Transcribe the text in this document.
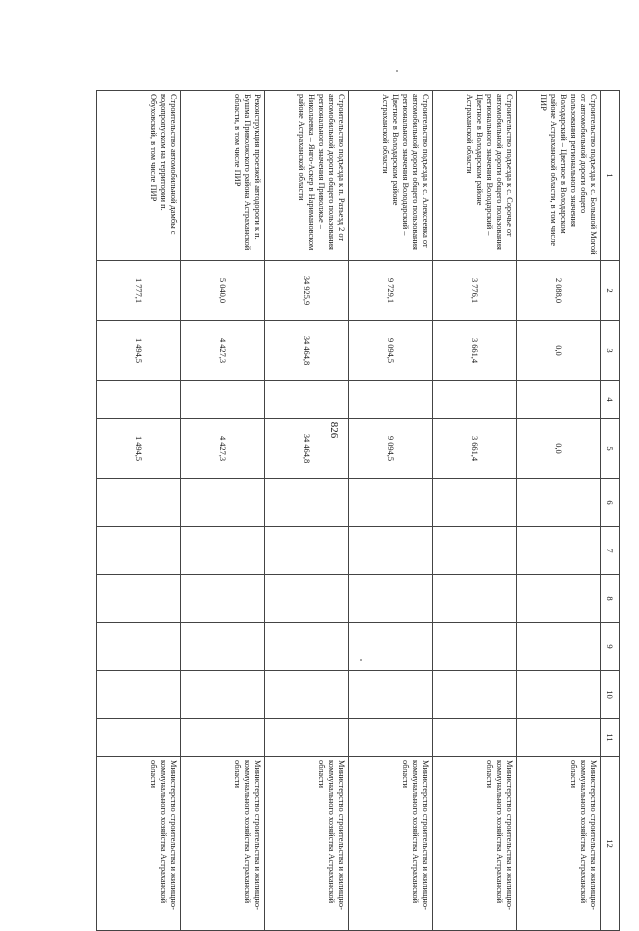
826
1	2	3	4	5	6	7	8	9	10	11	12
Строительство подъезда к с. Большой Могой от автомобильной дороги общего пользования регионального значения Володарский – Цветное в Володарском районе Астраханской области, в том числе ПИР	2 088,0	0,0		0,0							Министерство строительства и жилищно-коммунального хозяйства Астраханской области
Строительство подъезда к с. Сорочье от автомобильной дороги общего пользования регионального значения Володарский – Цветное в Володарском районе Астраханской области	3 776,1	3 661,4		3 661,4							Министерство строительства и жилищно-коммунального хозяйства Астраханской области
Строительство подъезда к с. Алексеевка от автомобильной дороги общего пользования регионального значения Володарский – Цветное в Володарском районе Астраханской области	9 729,1	9 094,5		9 094,5							Министерство строительства и жилищно-коммунального хозяйства Астраханской области
Строительство подъезда к п. Разъезд 2 от автомобильной дороги общего пользования регионального значения Приволжье – Николаевка – Янго-Аскер в Наримановском районе Астраханской области	34 925,9	34 464,8		34 464,8							Министерство строительства и жилищно-коммунального хозяйства Астраханской области
Реконструкция проезжей автодороги к п. Бушма Приволжского района Астраханской области, в том числе ПИР	5 040,0	4 427,3		4 427,3							Министерство строительства и жилищно-коммунального хозяйства Астраханской области
Строительство автомобильной дамбы с водопропуском на территории п. Обуховский, в том числе ПИР	1 777,1	1 494,5		1 494,5							Министерство строительства и жилищно-коммунального хозяйства Астраханской области
